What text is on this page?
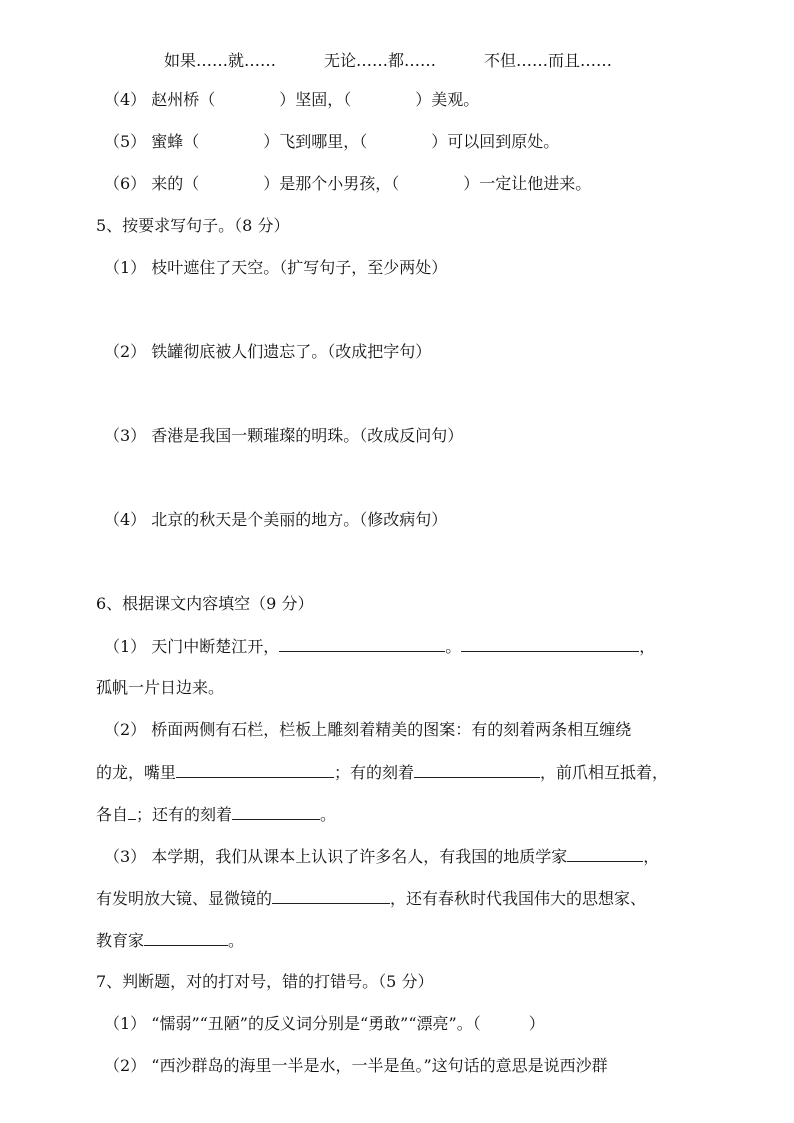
如果……就……	无论……都……	不但……而且……
（4） 赵州桥（　　　　）坚固，（　　　　）美观。
（5） 蜜蜂（　　　　）飞到哪里，（　　　　）可以回到原处。
（6） 来的（　　　　）是那个小男孩，（　　　　）一定让他进来。
5、按要求写句子。（8 分）
（1） 枝叶遮住了天空。（扩写句子，至少两处）
（2） 铁罐彻底被人们遗忘了。（改成把字句）
（3） 香港是我国一颗璀璨的明珠。（改成反问句）
（4） 北京的秋天是个美丽的地方。（修改病句）
6、根据课文内容填空（9 分）
（1） 天门中断楚江开，	。	，
孤帆一片日边来。
（2） 桥面两侧有石栏，栏板上雕刻着精美的图案：有的刻着两条相互缠绕
的龙，嘴里	；有的刻着	，前爪相互抵着，
各自 ；还有的刻着	。
（3） 本学期，我们从课本上认识了许多名人，有我国的地质学家	，
有发明放大镜、显微镜的	，还有春秋时代我国伟大的思想家、
教育家	。
7、判断题，对的打对号，错的打错号。（5 分）
（1） “懦弱”“丑陋”的反义词分别是“勇敢”“漂亮”。（　　　）
（2） “西沙群岛的海里一半是水，一半是鱼。”这句话的意思是说西沙群
